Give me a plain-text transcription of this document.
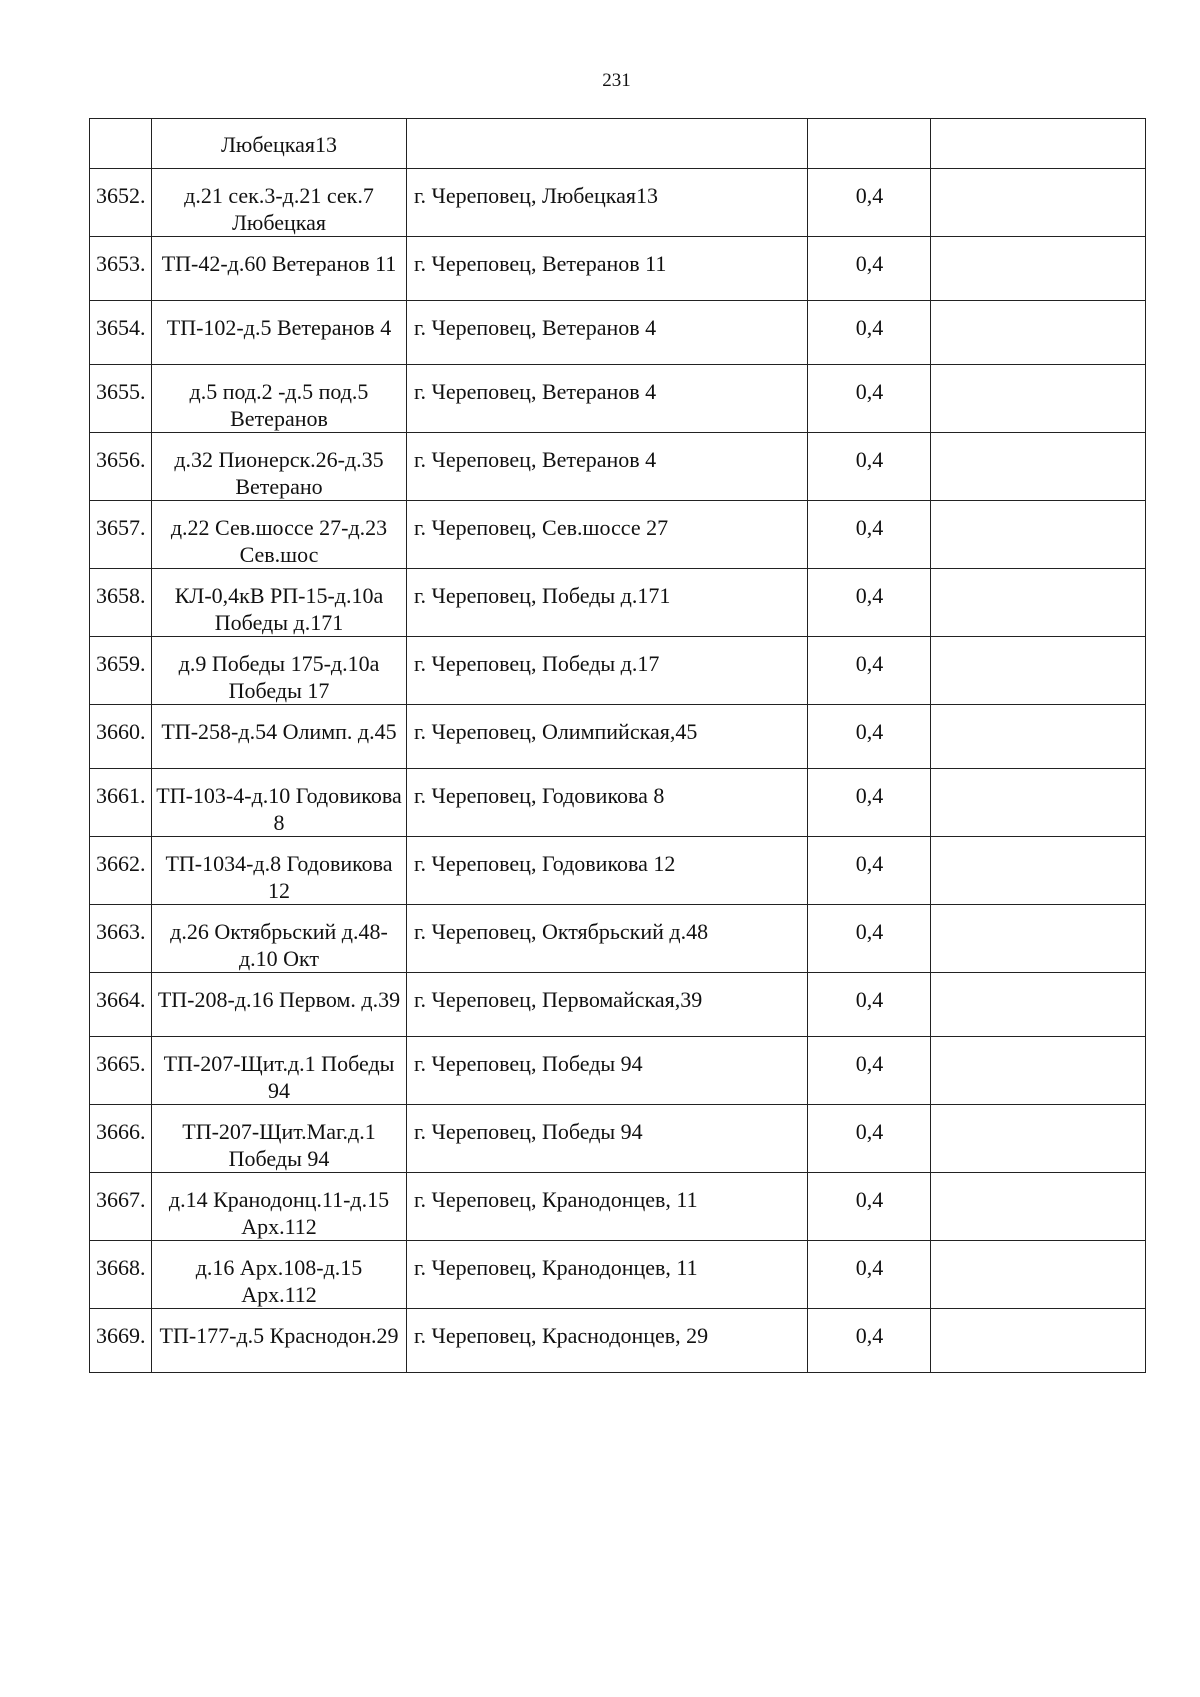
231
	Любецкая13			
3652.	д.21 сек.3-д.21 сек.7 Любецкая	г. Череповец, Любецкая13	0,4	
3653.	ТП-42-д.60 Ветеранов 11	г. Череповец, Ветеранов 11	0,4	
3654.	ТП-102-д.5 Ветеранов 4	г. Череповец, Ветеранов 4	0,4	
3655.	д.5 под.2 -д.5 под.5 Ветеранов	г. Череповец, Ветеранов 4	0,4	
3656.	д.32 Пионерск.26-д.35 Ветерано	г. Череповец, Ветеранов 4	0,4	
3657.	д.22 Сев.шоссе 27-д.23 Сев.шос	г. Череповец, Сев.шоссе 27	0,4	
3658.	КЛ-0,4кВ РП-15-д.10а Победы д.171	г. Череповец, Победы д.171	0,4	
3659.	д.9 Победы 175-д.10а Победы 17	г. Череповец, Победы д.17	0,4	
3660.	ТП-258-д.54 Олимп. д.45	г. Череповец, Олимпийская,45	0,4	
3661.	ТП-103-4-д.10 Годовикова 8	г. Череповец, Годовикова 8	0,4	
3662.	ТП-1034-д.8 Годовикова 12	г. Череповец, Годовикова 12	0,4	
3663.	д.26 Октябрьский д.48-д.10 Окт	г. Череповец, Октябрьский д.48	0,4	
3664.	ТП-208-д.16 Первом. д.39	г. Череповец, Первомайская,39	0,4	
3665.	ТП-207-Щит.д.1 Победы 94	г. Череповец, Победы 94	0,4	
3666.	ТП-207-Щит.Маг.д.1 Победы 94	г. Череповец, Победы 94	0,4	
3667.	д.14 Кранодонц.11-д.15 Арх.112	г. Череповец, Кранодонцев, 11	0,4	
3668.	д.16 Арх.108-д.15 Арх.112	г. Череповец, Кранодонцев, 11	0,4	
3669.	ТП-177-д.5 Краснодон.29	г. Череповец, Краснодонцев, 29	0,4	
